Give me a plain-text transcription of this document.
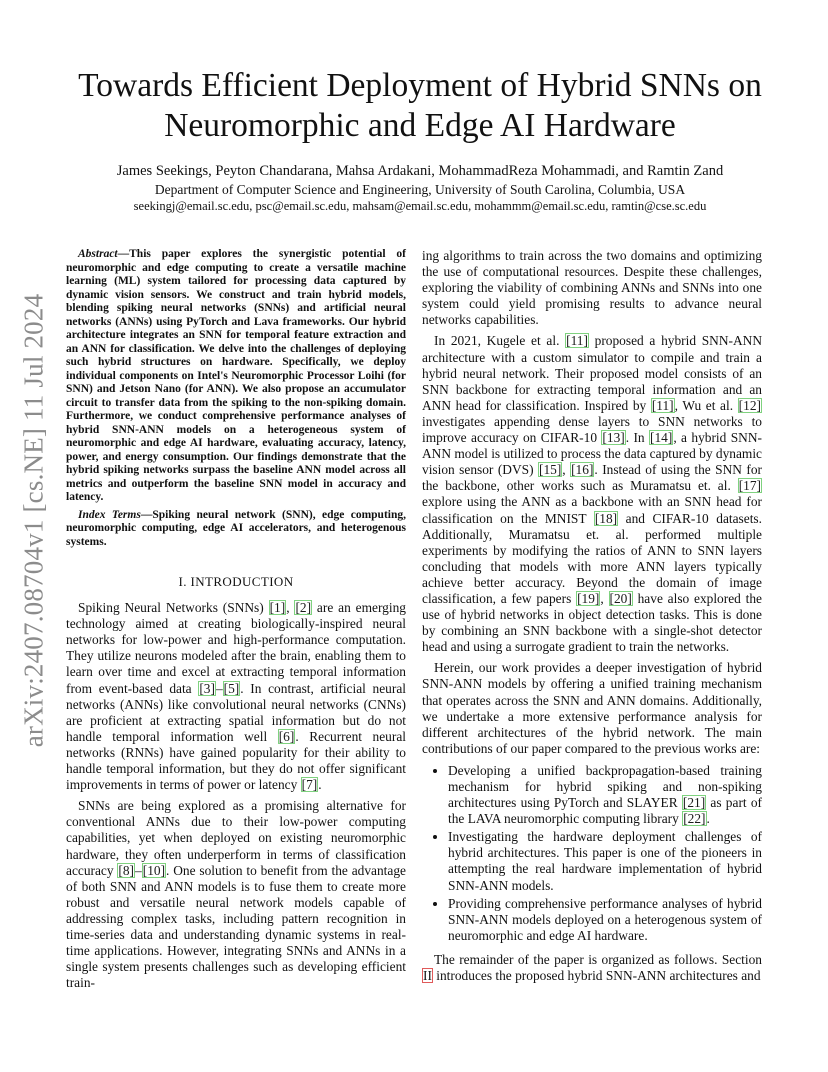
arXiv:2407.08704v1 [cs.NE] 11 Jul 2024
Towards Efficient Deployment of Hybrid SNNs on
Neuromorphic and Edge AI Hardware
James Seekings, Peyton Chandarana, Mahsa Ardakani, MohammadReza Mohammadi, and Ramtin Zand
Department of Computer Science and Engineering, University of South Carolina, Columbia, USA
seekingj@email.sc.edu, psc@email.sc.edu, mahsam@email.sc.edu, mohammm@email.sc.edu, ramtin@cse.sc.edu

Abstract—This paper explores the synergistic potential of neuromorphic and edge computing to create a versatile machine learning (ML) system tailored for processing data captured by dynamic vision sensors. We construct and train hybrid models, blending spiking neural networks (SNNs) and artificial neural networks (ANNs) using PyTorch and Lava frameworks. Our hybrid architecture integrates an SNN for temporal feature extraction and an ANN for classification. We delve into the challenges of deploying such hybrid structures on hardware. Specifically, we deploy individual components on Intel's Neuromorphic Processor Loihi (for SNN) and Jetson Nano (for ANN). We also propose an accumulator circuit to transfer data from the spiking to the non-spiking domain. Furthermore, we conduct comprehensive performance analyses of hybrid SNN-ANN models on a heterogeneous system of neuromorphic and edge AI hardware, evaluating accuracy, latency, power, and energy consumption. Our findings demonstrate that the hybrid spiking networks surpass the baseline ANN model across all metrics and outperform the baseline SNN model in accuracy and latency.

Index Terms—Spiking neural network (SNN), edge computing, neuromorphic computing, edge AI accelerators, and heterogenous systems.

I. INTRODUCTION

Spiking Neural Networks (SNNs) [1], [2] are an emerging technology aimed at creating biologically-inspired neural networks for low-power and high-performance computation. They utilize neurons modeled after the brain, enabling them to learn over time and excel at extracting temporal information from event-based data [3]–[5]. In contrast, artificial neural networks (ANNs) like convolutional neural networks (CNNs) are proficient at extracting spatial information but do not handle temporal information well [6]. Recurrent neural networks (RNNs) have gained popularity for their ability to handle temporal information, but they do not offer significant improvements in terms of power or latency [7].

SNNs are being explored as a promising alternative for conventional ANNs due to their low-power computing capabilities, yet when deployed on existing neuromorphic hardware, they often underperform in terms of classification accuracy [8]–[10]. One solution to benefit from the advantage of both SNN and ANN models is to fuse them to create more robust and versatile neural network models capable of addressing complex tasks, including pattern recognition in time-series data and understanding dynamic systems in real-time applications. However, integrating SNNs and ANNs in a single system presents challenges such as developing efficient train-

ing algorithms to train across the two domains and optimizing the use of computational resources. Despite these challenges, exploring the viability of combining ANNs and SNNs into one system could yield promising results to advance neural networks capabilities.

In 2021, Kugele et al. [11] proposed a hybrid SNN-ANN architecture with a custom simulator to compile and train a hybrid neural network. Their proposed model consists of an SNN backbone for extracting temporal information and an ANN head for classification. Inspired by [11], Wu et al. [12] investigates appending dense layers to SNN networks to improve accuracy on CIFAR-10 [13]. In [14], a hybrid SNN-ANN model is utilized to process the data captured by dynamic vision sensor (DVS) [15], [16]. Instead of using the SNN for the backbone, other works such as Muramatsu et. al. [17] explore using the ANN as a backbone with an SNN head for classification on the MNIST [18] and CIFAR-10 datasets. Additionally, Muramatsu et. al. performed multiple experiments by modifying the ratios of ANN to SNN layers concluding that models with more ANN layers typically achieve better accuracy. Beyond the domain of image classification, a few papers [19], [20] have also explored the use of hybrid networks in object detection tasks. This is done by combining an SNN backbone with a single-shot detector head and using a surrogate gradient to train the networks.

Herein, our work provides a deeper investigation of hybrid SNN-ANN models by offering a unified training mechanism that operates across the SNN and ANN domains. Additionally, we undertake a more extensive performance analysis for different architectures of the hybrid network. The main contributions of our paper compared to the previous works are:

• Developing a unified backpropagation-based training mechanism for hybrid spiking and non-spiking architectures using PyTorch and SLAYER [21] as part of the LAVA neuromorphic computing library [22].
• Investigating the hardware deployment challenges of hybrid architectures. This paper is one of the pioneers in attempting the real hardware implementation of hybrid SNN-ANN models.
• Providing comprehensive performance analyses of hybrid SNN-ANN models deployed on a heterogenous system of neuromorphic and edge AI hardware.

The remainder of the paper is organized as follows. Section II introduces the proposed hybrid SNN-ANN architectures and
